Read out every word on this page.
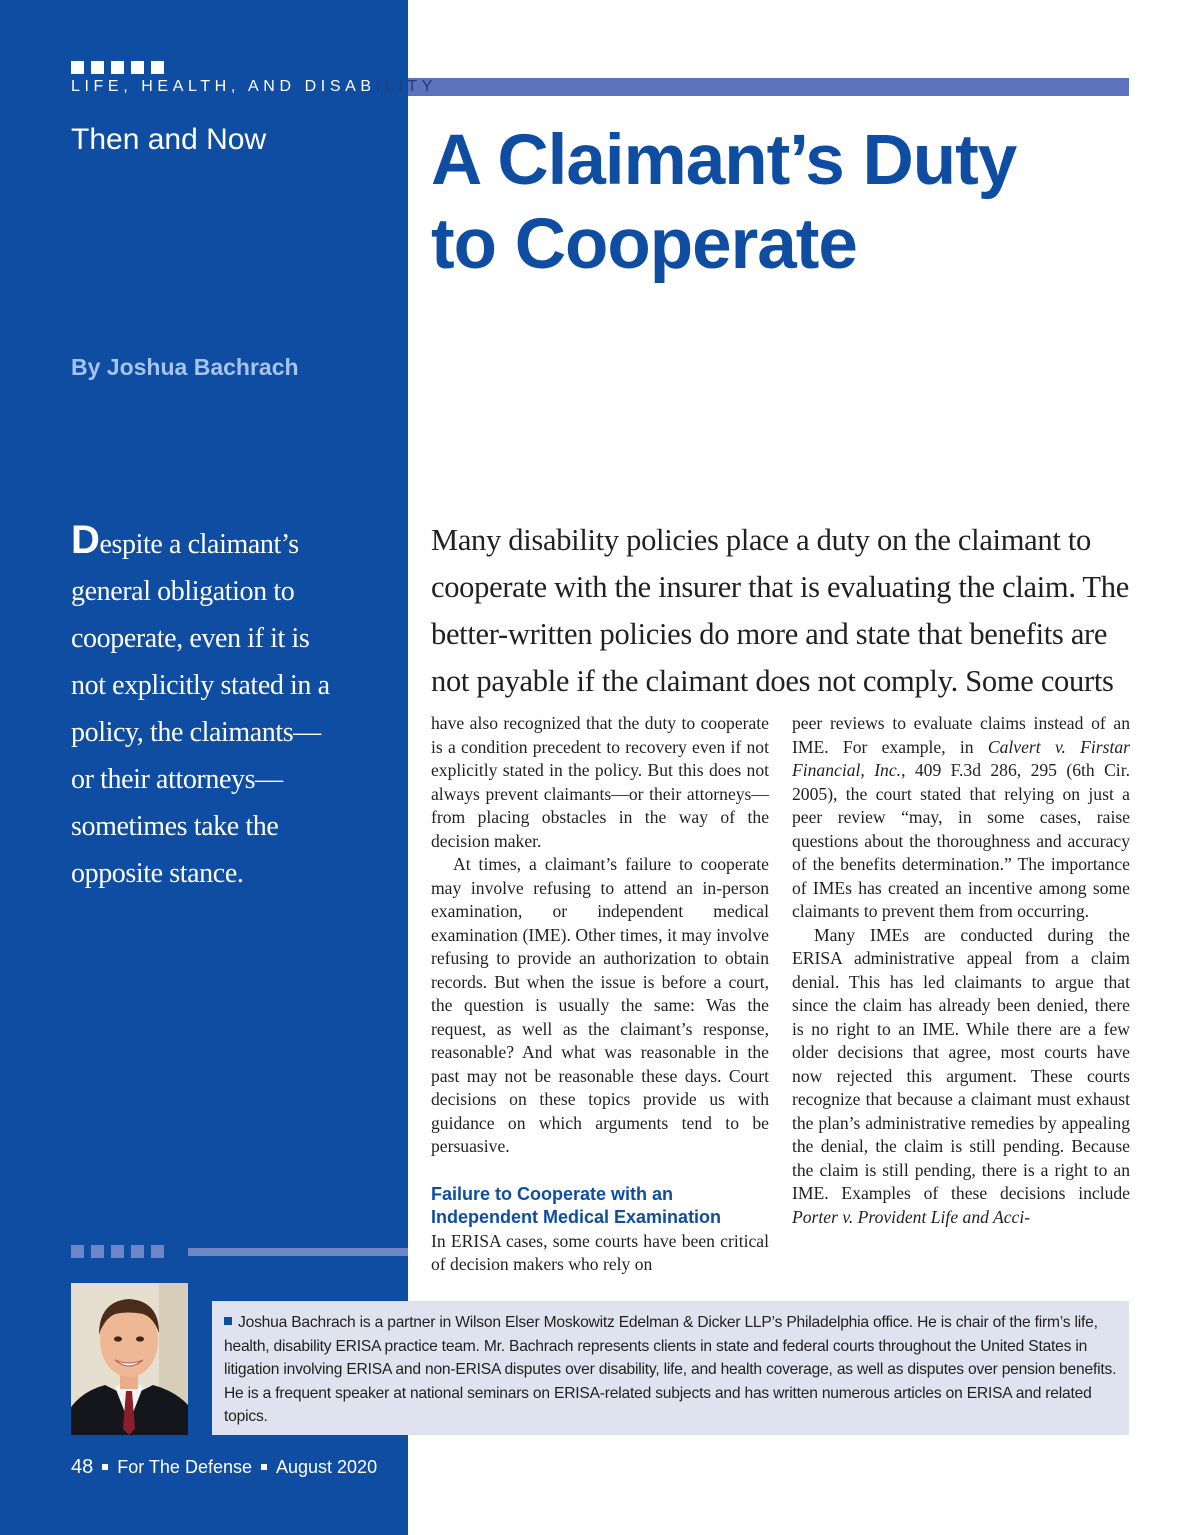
LIFE, HEALTH, AND DISABILITY
Then and Now A Claimant’s Duty
to Cooperate
By Joshua Bachrach
Despite a claimant’s
general obligation to
cooperate, even if it is
not explicitly stated in a
policy, the claimants—
or their attorneys—
sometimes take the
opposite stance.

Many disability policies place a duty on the claimant to

cooperate with the insurer that is evaluating the claim. The

better-written policies do more and state that benefits are

not payable if the claimant does not comply. Some courts

have also recognized that the duty to cooperate is a condition precedent to recovery even if not explicitly stated in the policy. But this does not always prevent claimants—or their attorneys—from placing obstacles in the way of the decision maker.

At times, a claimant’s failure to cooperate may involve refusing to attend an in-person examination, or independent medical examination (IME). Other times, it may involve refusing to provide an authorization to obtain records. But when the issue is before a court, the question is usually the same: Was the request, as well as the claimant’s response, reasonable? And what was reasonable in the past may not be reasonable these days. Court decisions on these topics provide us with guidance on which arguments tend to be persuasive.

Failure to Cooperate with an
Independent Medical Examination

In ERISA cases, some courts have been critical of decision makers who rely on

peer reviews to evaluate claims instead of an IME. For example, in Calvert v. Firstar Financial, Inc., 409 F.3d 286, 295 (6th Cir. 2005), the court stated that relying on just a peer review “may, in some cases, raise questions about the thoroughness and accuracy of the benefits determination.” The importance of IMEs has created an incentive among some claimants to prevent them from occurring.

Many IMEs are conducted during the ERISA administrative appeal from a claim denial. This has led claimants to argue that since the claim has already been denied, there is no right to an IME. While there are a few older decisions that agree, most courts have now rejected this argument. These courts recognize that because a claimant must exhaust the plan’s administrative remedies by appealing the denial, the claim is still pending. Because the claim is still pending, there is a right to an IME. Examples of these decisions include Porter v. Provident Life and Acci-

Joshua Bachrach is a partner in Wilson Elser Moskowitz Edelman & Dicker LLP’s Philadelphia office. He is chair of the firm’s life, health, disability ERISA practice team. Mr. Bachrach represents clients in state and federal courts throughout the United States in litigation involving ERISA and non-ERISA disputes over disability, life, and health coverage, as well as disputes over pension benefits. He is a frequent speaker at national seminars on ERISA-related subjects and has written numerous articles on ERISA and related topics.
48 For The Defense August 2020
